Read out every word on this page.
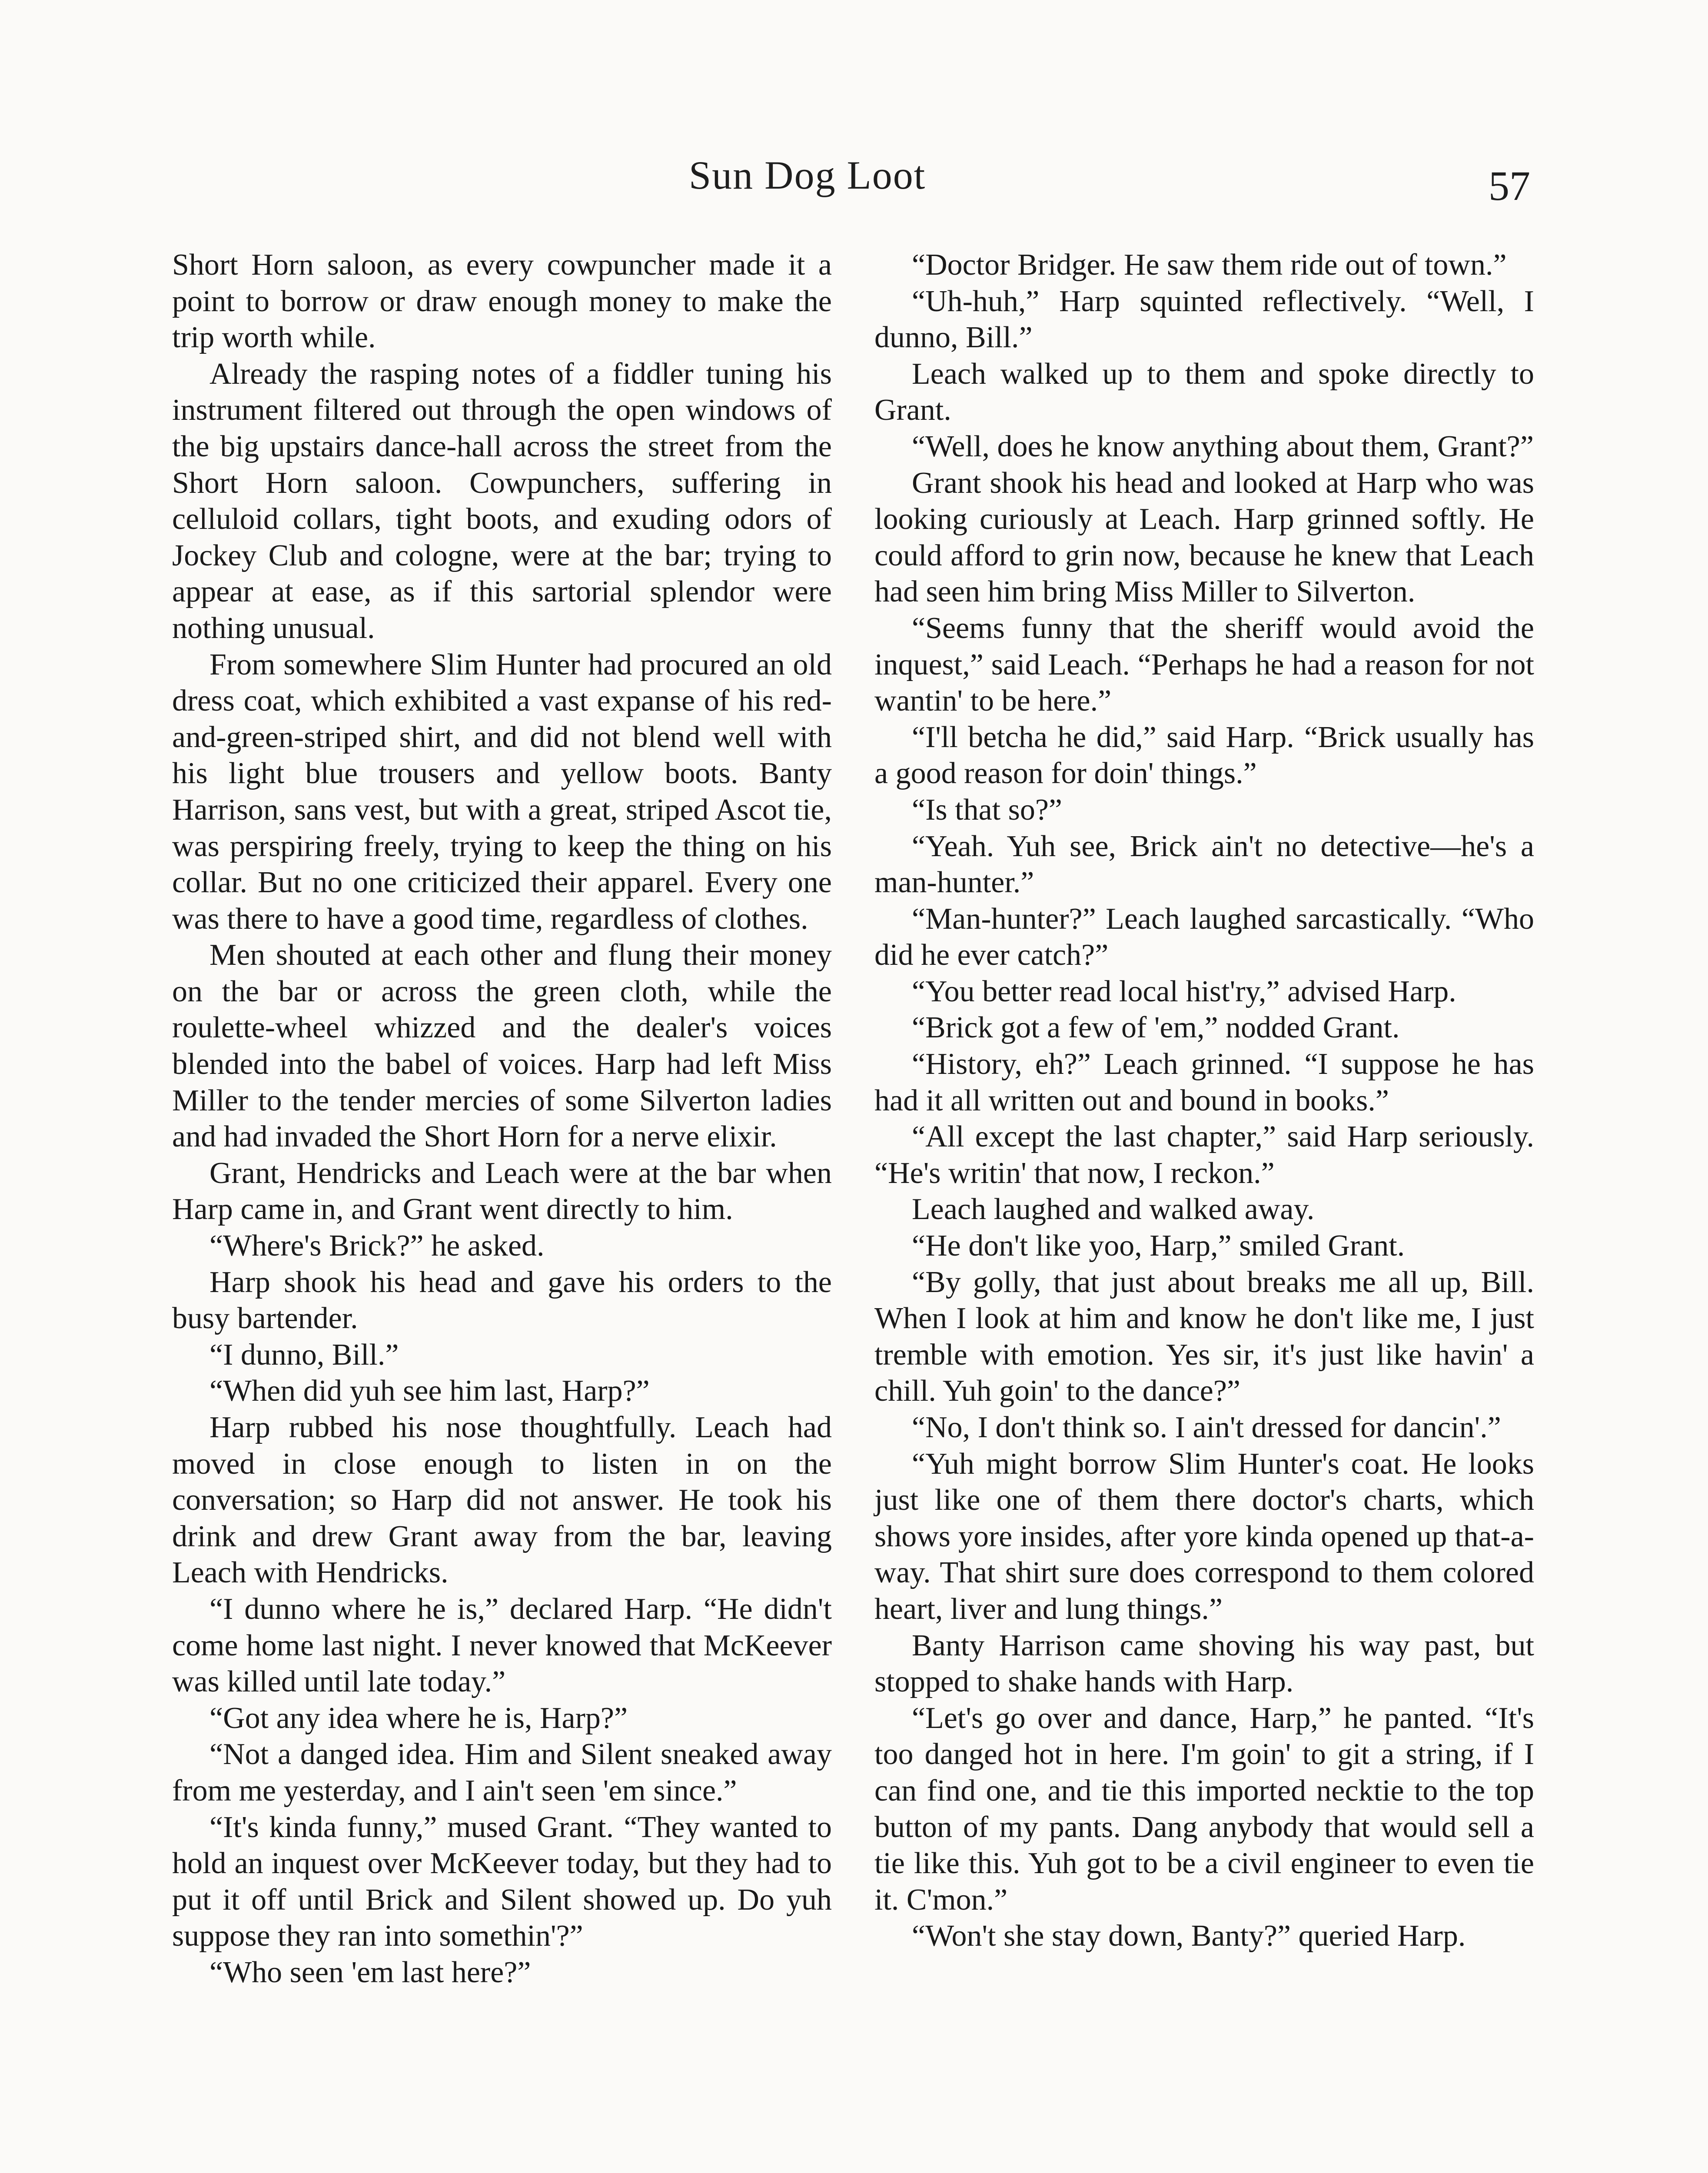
Sun Dog Loot	57

Short Horn saloon, as every cowpuncher made it a point to borrow or draw enough money to make the trip worth while.

Already the rasping notes of a fiddler tuning his instrument filtered out through the open windows of the big upstairs dance-hall across the street from the Short Horn saloon. Cowpunchers, suffering in celluloid collars, tight boots, and exuding odors of Jockey Club and cologne, were at the bar; trying to appear at ease, as if this sartorial splendor were nothing unusual.

From somewhere Slim Hunter had procured an old dress coat, which exhibited a vast expanse of his red-and-green-striped shirt, and did not blend well with his light blue trousers and yellow boots. Banty Harrison, sans vest, but with a great, striped Ascot tie, was perspiring freely, trying to keep the thing on his collar. But no one criticized their apparel. Every one was there to have a good time, regardless of clothes.

Men shouted at each other and flung their money on the bar or across the green cloth, while the roulette-wheel whizzed and the dealer's voices blended into the babel of voices. Harp had left Miss Miller to the tender mercies of some Silverton ladies and had invaded the Short Horn for a nerve elixir.

Grant, Hendricks and Leach were at the bar when Harp came in, and Grant went directly to him.

“Where's Brick?” he asked.

Harp shook his head and gave his orders to the busy bartender.

“I dunno, Bill.”

“When did yuh see him last, Harp?”

Harp rubbed his nose thoughtfully. Leach had moved in close enough to listen in on the conversation; so Harp did not answer. He took his drink and drew Grant away from the bar, leaving Leach with Hendricks.

“I dunno where he is,” declared Harp. “He didn't come home last night. I never knowed that McKeever was killed until late today.”

“Got any idea where he is, Harp?”

“Not a danged idea. Him and Silent sneaked away from me yesterday, and I ain't seen 'em since.”

“It's kinda funny,” mused Grant. “They wanted to hold an inquest over McKeever today, but they had to put it off until Brick and Silent showed up. Do yuh suppose they ran into somethin'?”

“Who seen 'em last here?”

“Doctor Bridger. He saw them ride out of town.”

“Uh-huh,” Harp squinted reflectively. “Well, I dunno, Bill.”

Leach walked up to them and spoke directly to Grant.

“Well, does he know anything about them, Grant?”

Grant shook his head and looked at Harp who was looking curiously at Leach. Harp grinned softly. He could afford to grin now, because he knew that Leach had seen him bring Miss Miller to Silverton.

“Seems funny that the sheriff would avoid the inquest,” said Leach. “Perhaps he had a reason for not wantin' to be here.”

“I'll betcha he did,” said Harp. “Brick usually has a good reason for doin' things.”

“Is that so?”

“Yeah. Yuh see, Brick ain't no detective—he's a man-hunter.”

“Man-hunter?” Leach laughed sarcastically. “Who did he ever catch?”

“You better read local hist'ry,” advised Harp.

“Brick got a few of 'em,” nodded Grant.

“History, eh?” Leach grinned. “I suppose he has had it all written out and bound in books.”

“All except the last chapter,” said Harp seriously. “He's writin' that now, I reckon.”

Leach laughed and walked away.

“He don't like yoo, Harp,” smiled Grant.

“By golly, that just about breaks me all up, Bill. When I look at him and know he don't like me, I just tremble with emotion. Yes sir, it's just like havin' a chill. Yuh goin' to the dance?”

“No, I don't think so. I ain't dressed for dancin'.”

“Yuh might borrow Slim Hunter's coat. He looks just like one of them there doctor's charts, which shows yore insides, after yore kinda opened up that-a-way. That shirt sure does correspond to them colored heart, liver and lung things.”

Banty Harrison came shoving his way past, but stopped to shake hands with Harp.

“Let's go over and dance, Harp,” he panted. “It's too danged hot in here. I'm goin' to git a string, if I can find one, and tie this imported necktie to the top button of my pants. Dang anybody that would sell a tie like this. Yuh got to be a civil engineer to even tie it. C'mon.”

“Won't she stay down, Banty?” queried Harp.
